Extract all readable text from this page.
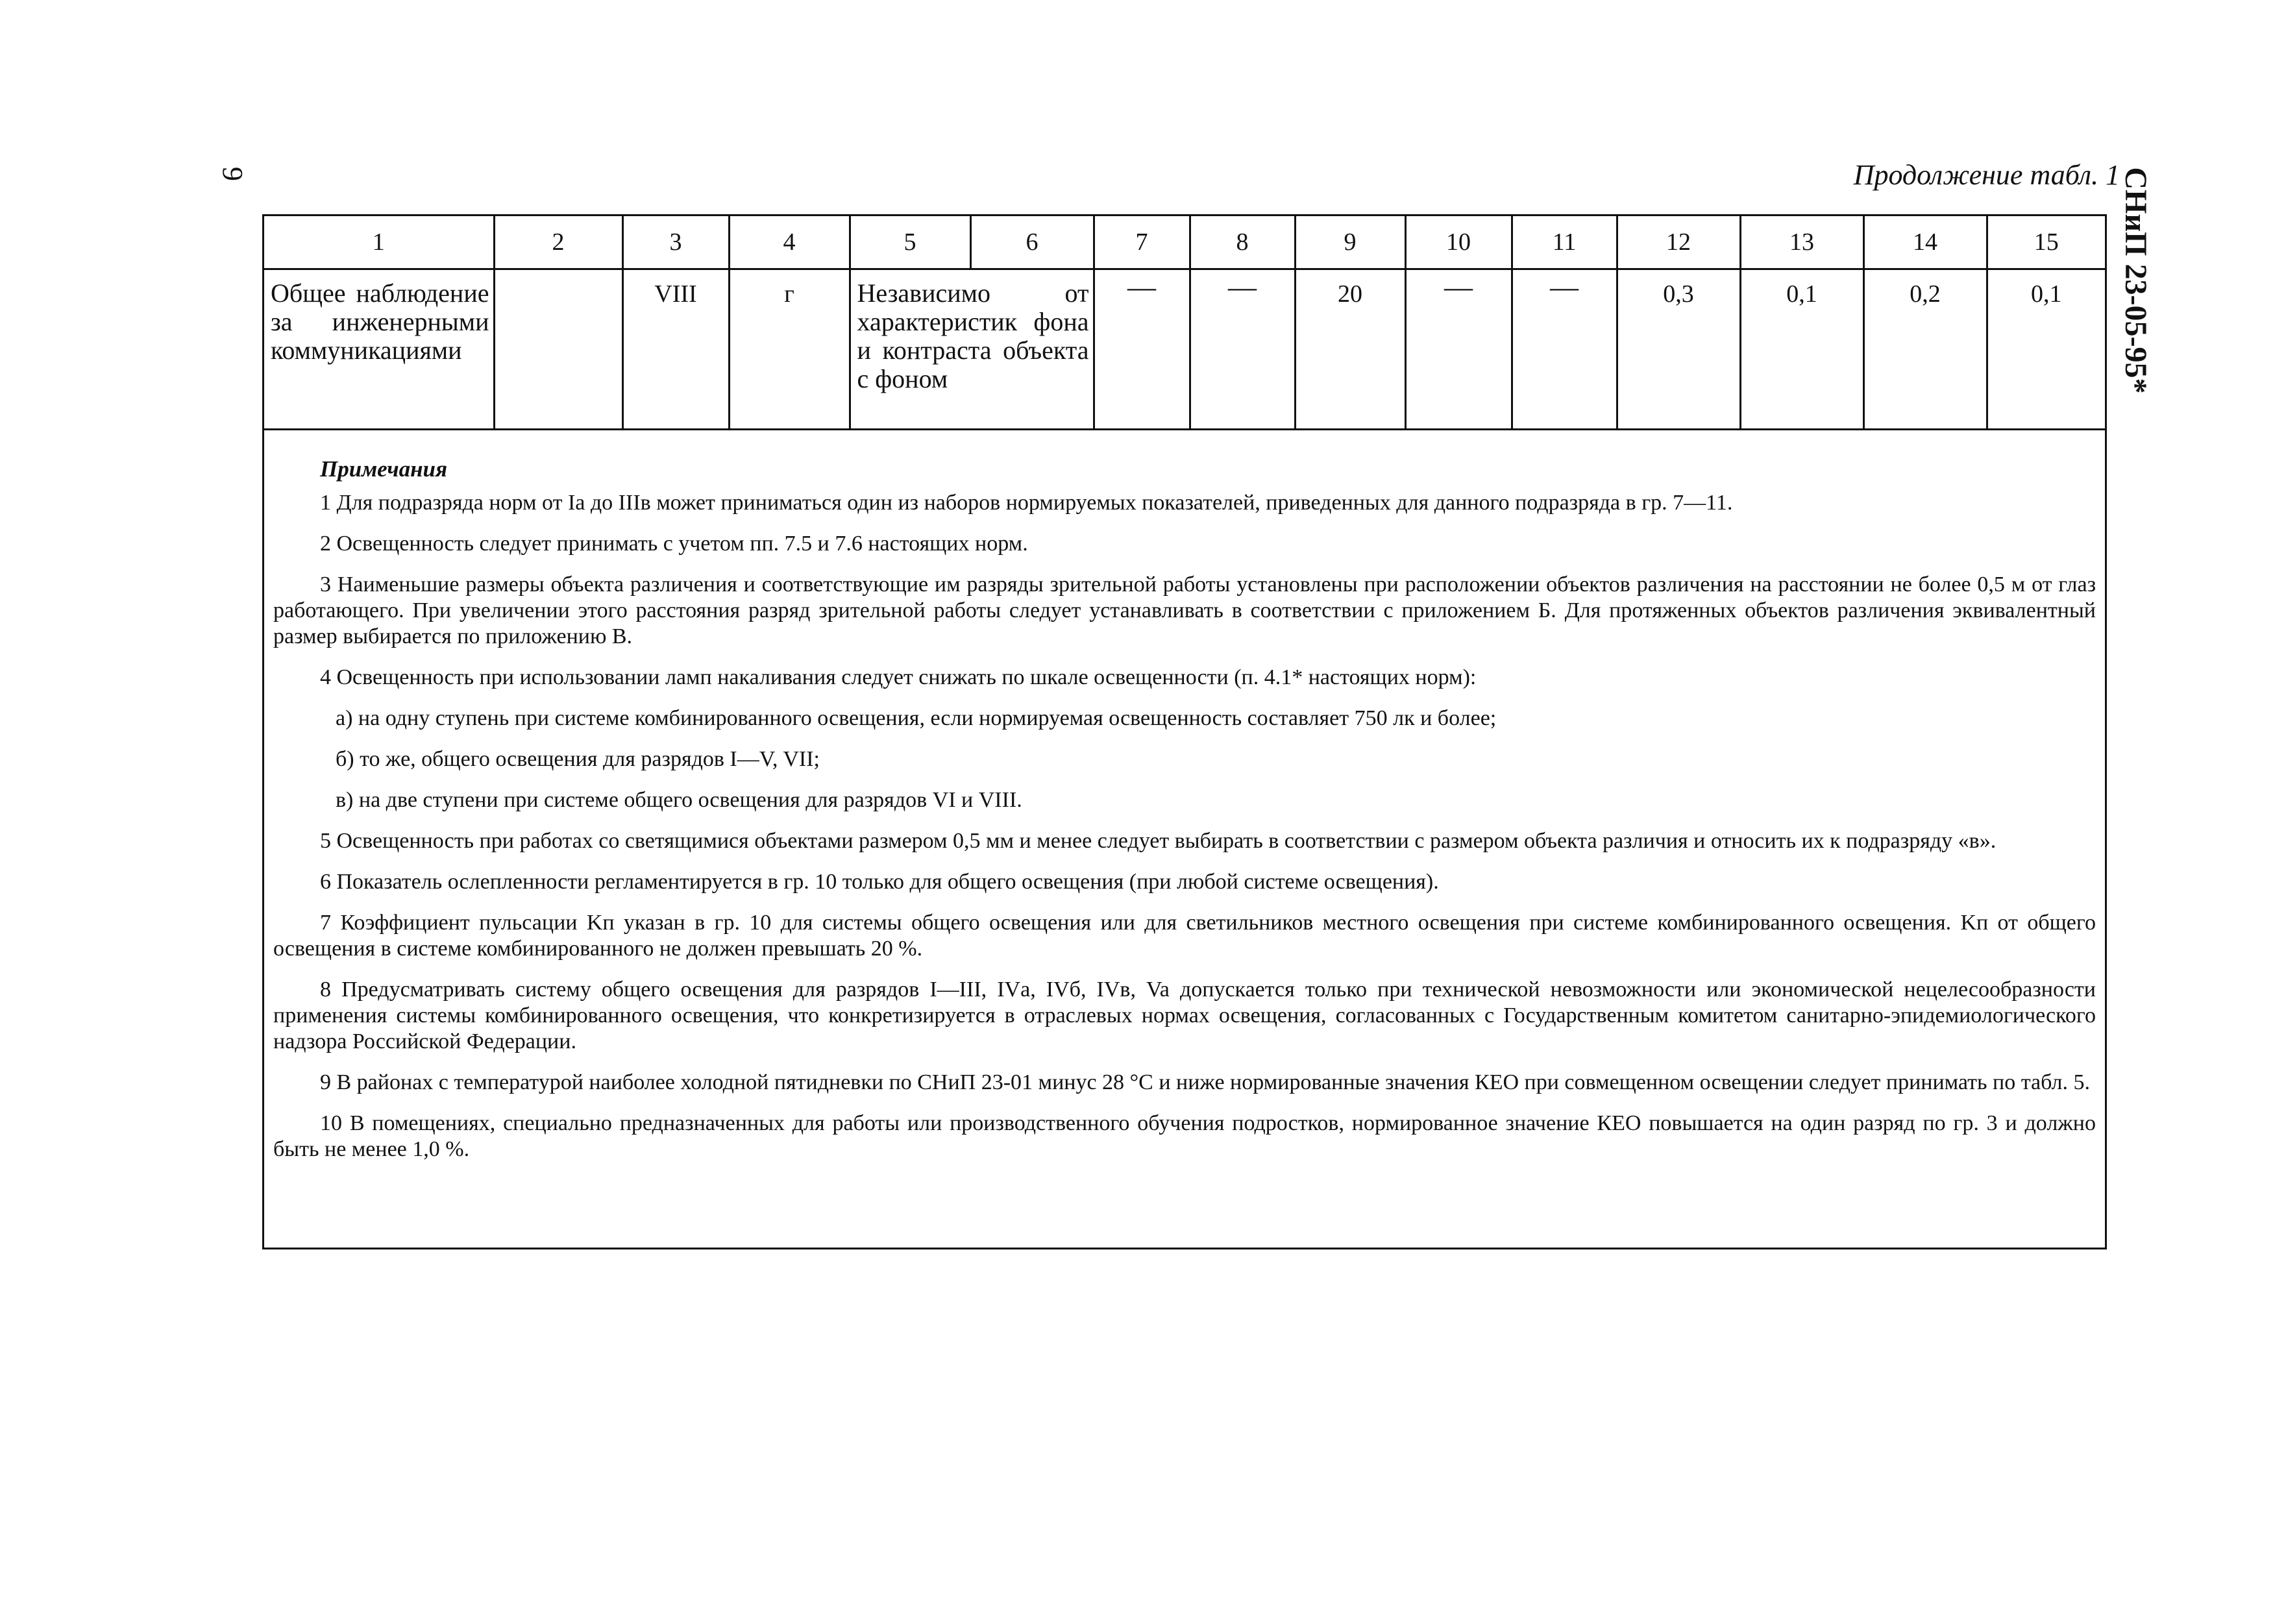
9	СНиП 23-05-95*
Продолжение табл. 1
1	2	3	4	5	6	7	8	9	10	11	12	13	14	15
Общее наблюдение за инженерными коммуникациями		VIII	г	Независимо от характеристик фона и контраста объекта с фоном		—	—	20	—	—	0,3	0,1	0,2	0,1
Примечания
1 Для подразряда норм от Iа до IIIв может приниматься один из наборов нормируемых показателей, приведенных для данного подразряда в гр. 7—11.
2 Освещенность следует принимать с учетом пп. 7.5 и 7.6 настоящих норм.
3 Наименьшие размеры объекта различения и соответствующие им разряды зрительной работы установлены при расположении объектов различения на расстоянии не более 0,5 м от глаз работающего. При увеличении этого расстояния разряд зрительной работы следует устанавливать в соответствии с приложением Б. Для протяженных объектов различения эквивалентный размер выбирается по приложению В.
4 Освещенность при использовании ламп накаливания следует снижать по шкале освещенности (п. 4.1* настоящих норм):
а) на одну ступень при системе комбинированного освещения, если нормируемая освещенность составляет 750 лк и более;
б) то же, общего освещения для разрядов I—V, VII;
в) на две ступени при системе общего освещения для разрядов VI и VIII.
5 Освещенность при работах со светящимися объектами размером 0,5 мм и менее следует выбирать в соответствии с размером объекта различия и относить их к подразряду «в».
6 Показатель ослепленности регламентируется в гр. 10 только для общего освещения (при любой системе освещения).
7 Коэффициент пульсации Kп указан в гр. 10 для системы общего освещения или для светильников местного освещения при системе комбинированного освещения. Kп от общего освещения в системе комбинированного не должен превышать 20 %.
8 Предусматривать систему общего освещения для разрядов I—III, IVа, IVб, IVв, Va допускается только при технической невозможности или экономической нецелесообразности применения системы комбинированного освещения, что конкретизируется в отраслевых нормах освещения, согласованных с Государственным комитетом санитарно-эпидемиологического надзора Российской Федерации.
9 В районах с температурой наиболее холодной пятидневки по СНиП 23-01 минус 28 °С и ниже нормированные значения КЕО при совмещенном освещении следует принимать по табл. 5.
10 В помещениях, специально предназначенных для работы или производственного обучения подростков, нормированное значение КЕО повышается на один разряд по гр. 3 и должно быть не менее 1,0 %.
